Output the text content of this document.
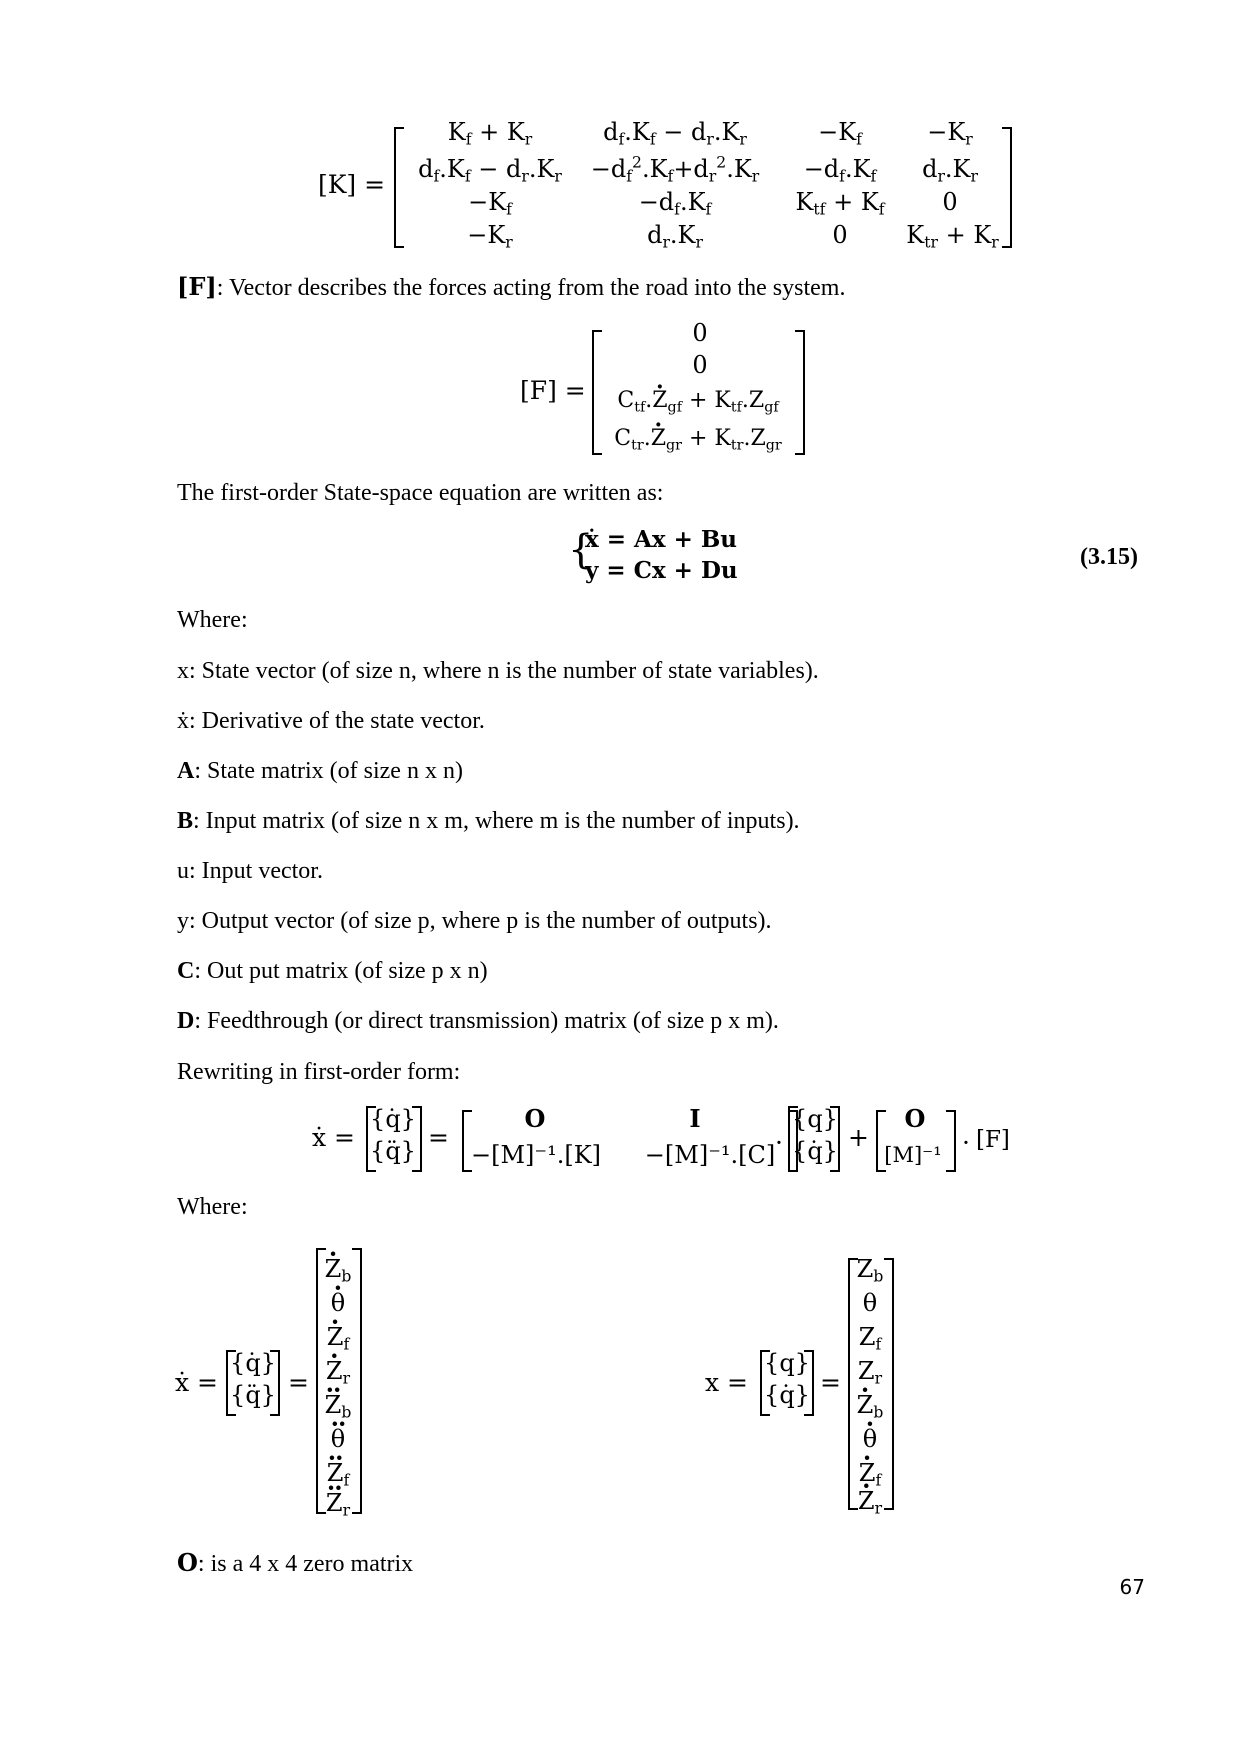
[K] =
$K_f + K_r$	$d_f.K_f - d_r.K_r$	$-K_f$	$-K_r$
$d_f.K_f - d_r.K_r$	$-d_f^2.K_f+d_r^2.K_r$	$-d_f.K_f$	$d_r.K_r$
$-K_f$	$-d_f.K_f$	$K_{tf} + K_f$	0
$-K_r$	$d_r.K_r$	0	$K_{tr} + K_r$
[F]: Vector describes the forces acting from the road into the system.
[F] =
0
0
$C_{tf}.\cdot Z_{gf} + K_{tf}.Z_{gf}$
$C_{tr}.\cdot Z_{gr} + K_{tr}.Z_{gr}$
The first-order State-space equation are written as:
{
ẋ = Ax + Bu
y = Cx + Du	(3.15)
Where:
x: State vector (of size n, where n is the number of state variables).
ẋ: Derivative of the state vector.
A: State matrix (of size n x n)
B: Input matrix (of size n x m, where m is the number of inputs).
u: Input vector.
y: Output vector (of size p, where p is the number of outputs).
C: Out put matrix (of size p x n)
D: Feedthrough (or direct transmission) matrix (of size p x m).
Rewriting in first-order form:
ẋ =
{q̇}
{q̈} =
O	I
−[M]⁻¹.[K]	−[M]⁻¹.[C] ·
{q}
{q̇} +
O
[M]⁻¹ · [F]
Where:
ẋ =
{q̇}
{q̈} =
· $Z_b$
· θ
· $Z_f$
· $Z_r$
·· $Z_b$
·· θ
·· $Z_f$
·· $Z_r$
x =
{q}
{q̇} =
$Z_b$
θ
$Z_f$
$Z_r$
· $Z_b$
· θ
· $Z_f$
· $Z_r$
O: is a 4 x 4 zero matrix
67
